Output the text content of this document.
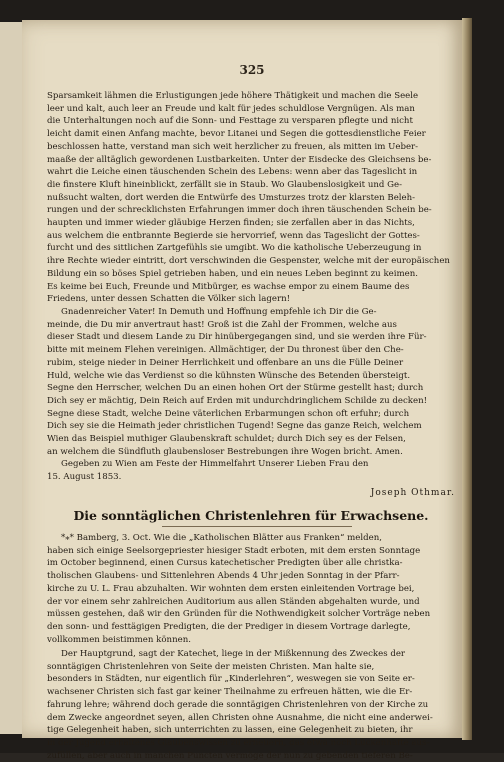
325
Sparsamkeit lähmen die Erlustigungen jede höhere Thätigkeit und machen die Seele
leer und kalt, auch leer an Freude und kalt für jedes schuldlose Vergnügen. Als man
die Unterhaltungen noch auf die Sonn- und Festtage zu versparen pflegte und nicht
leicht damit einen Anfang machte, bevor Litanei und Segen die gottesdienstliche Feier
beschlossen hatte, verstand man sich weit herzlicher zu freuen, als mitten im Ueber-
maaße der alltäglich gewordenen Lustbarkeiten. Unter der Eisdecke des Gleichsens be-
wahrt die Leiche einen täuschenden Schein des Lebens: wenn aber das Tageslicht in
die finstere Kluft hineinblickt, zerfällt sie in Staub. Wo Glaubenslosigkeit und Ge-
nußsucht walten, dort werden die Entwürfe des Umsturzes trotz der klarsten Beleh-
rungen und der schrecklichsten Erfahrungen immer doch ihren täuschenden Schein be-
haupten und immer wieder gläubige Herzen finden; sie zerfallen aber in das Nichts,
aus welchem die entbrannte Begierde sie hervorrief, wenn das Tageslicht der Gottes-
furcht und des sittlichen Zartgefühls sie umgibt. Wo die katholische Ueberzeugung in
ihre Rechte wieder eintritt, dort verschwinden die Gespenster, welche mit der europäischen
Bildung ein so böses Spiel getrieben haben, und ein neues Leben beginnt zu keimen.
Es keime bei Euch, Freunde und Mitbürger, es wachse empor zu einem Baume des
Friedens, unter dessen Schatten die Völker sich lagern!
Gnadenreicher Vater! In Demuth und Hoffnung empfehle ich Dir die Ge-
meinde, die Du mir anvertraut hast! Groß ist die Zahl der Frommen, welche aus
dieser Stadt und diesem Lande zu Dir hinübergegangen sind, und sie werden ihre Für-
bitte mit meinem Flehen vereinigen. Allmächtiger, der Du thronest über den Che-
rubim, steige nieder in Deiner Herrlichkeit und offenbare an uns die Fülle Deiner
Huld, welche wie das Verdienst so die kühnsten Wünsche des Betenden übersteigt.
Segne den Herrscher, welchen Du an einen hohen Ort der Stürme gestellt hast; durch
Dich sey er mächtig, Dein Reich auf Erden mit undurchdringlichem Schilde zu decken!
Segne diese Stadt, welche Deine väterlichen Erbarmungen schon oft erfuhr; durch
Dich sey sie die Heimath jeder christlichen Tugend! Segne das ganze Reich, welchem
Wien das Beispiel muthiger Glaubenskraft schuldet; durch Dich sey es der Felsen,
an welchem die Sündfluth glaubensloser Bestrebungen ihre Wogen bricht. Amen.
Gegeben zu Wien am Feste der Himmelfahrt Unserer Lieben Frau den
15. August 1853.
Joseph Othmar.
Die sonntäglichen Christenlehren für Erwachsene.
*⁎* Bamberg, 3. Oct. Wie die „Katholischen Blätter aus Franken“ melden,
haben sich einige Seelsorgepriester hiesiger Stadt erboten, mit dem ersten Sonntage
im October beginnend, einen Cursus katechetischer Predigten über alle christka-
tholischen Glaubens- und Sittenlehren Abends 4 Uhr jeden Sonntag in der Pfarr-
kirche zu U. L. Frau abzuhalten. Wir wohnten dem ersten einleitenden Vortrage bei,
der vor einem sehr zahlreichen Auditorium aus allen Ständen abgehalten wurde, und
müssen gestehen, daß wir den Gründen für die Nothwendigkeit solcher Vorträge neben
den sonn- und festtägigen Predigten, die der Prediger in diesem Vortrage darlegte,
vollkommen beistimmen können.
Der Hauptgrund, sagt der Katechet, liege in der Mißkennung des Zweckes der
sonntägigen Christenlehren von Seite der meisten Christen. Man halte sie,
besonders in Städten, nur eigentlich für „Kinderlehren“, weswegen sie von Seite er-
wachsener Christen sich fast gar keiner Theilnahme zu erfreuen hätten, wie die Er-
fahrung lehre; während doch gerade die sonntägigen Christenlehren von der Kirche zu
dem Zwecke angeordnet seyen, allen Christen ohne Ausnahme, die nicht eine anderwei-
tige Gelegenheit haben, sich unterrichten zu lassen, eine Gelegenheit zu bieten, ihr
in der Jugend erhaltenes Glaubenswissen zu erneuern, das etwa noch Lückenhafte aus-
zufüllen, aber auch in manchen Puncten vermöge der nun zu gebenden tieferen Be-
